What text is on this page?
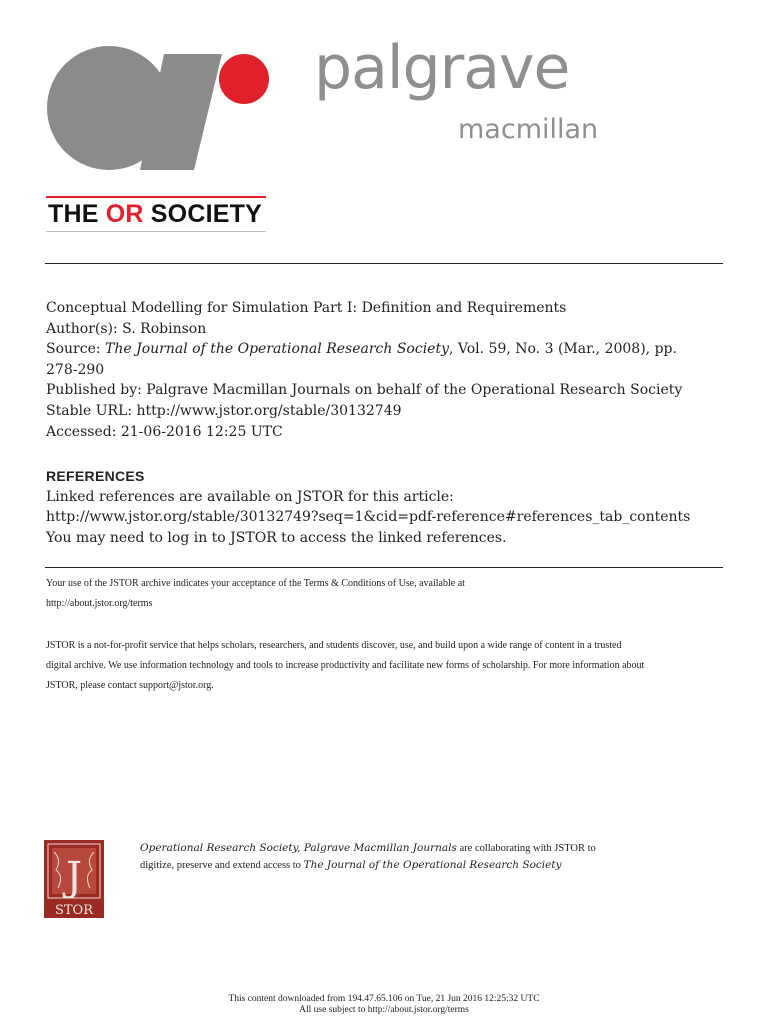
THE OR SOCIETY
palgrave
macmillan
Conceptual Modelling for Simulation Part I: Definition and Requirements
Author(s): S. Robinson
Source: The Journal of the Operational Research Society, Vol. 59, No. 3 (Mar., 2008), pp.
278-290
Published by: Palgrave Macmillan Journals on behalf of the Operational Research Society
Stable URL: http://www.jstor.org/stable/30132749
Accessed: 21-06-2016 12:25 UTC
REFERENCES
Linked references are available on JSTOR for this article:
http://www.jstor.org/stable/30132749?seq=1&cid=pdf-reference#references_tab_contents
You may need to log in to JSTOR to access the linked references.
Your use of the JSTOR archive indicates your acceptance of the Terms & Conditions of Use, available at
http://about.jstor.org/terms
JSTOR is a not-for-profit service that helps scholars, researchers, and students discover, use, and build upon a wide range of content in a trusted
digital archive. We use information technology and tools to increase productivity and facilitate new forms of scholarship. For more information about
JSTOR, please contact support@jstor.org.
J
STOR
Operational Research Society, Palgrave Macmillan Journals are collaborating with JSTOR to
digitize, preserve and extend access to The Journal of the Operational Research Society
This content downloaded from 194.47.65.106 on Tue, 21 Jun 2016 12:25:32 UTC
All use subject to http://about.jstor.org/terms
